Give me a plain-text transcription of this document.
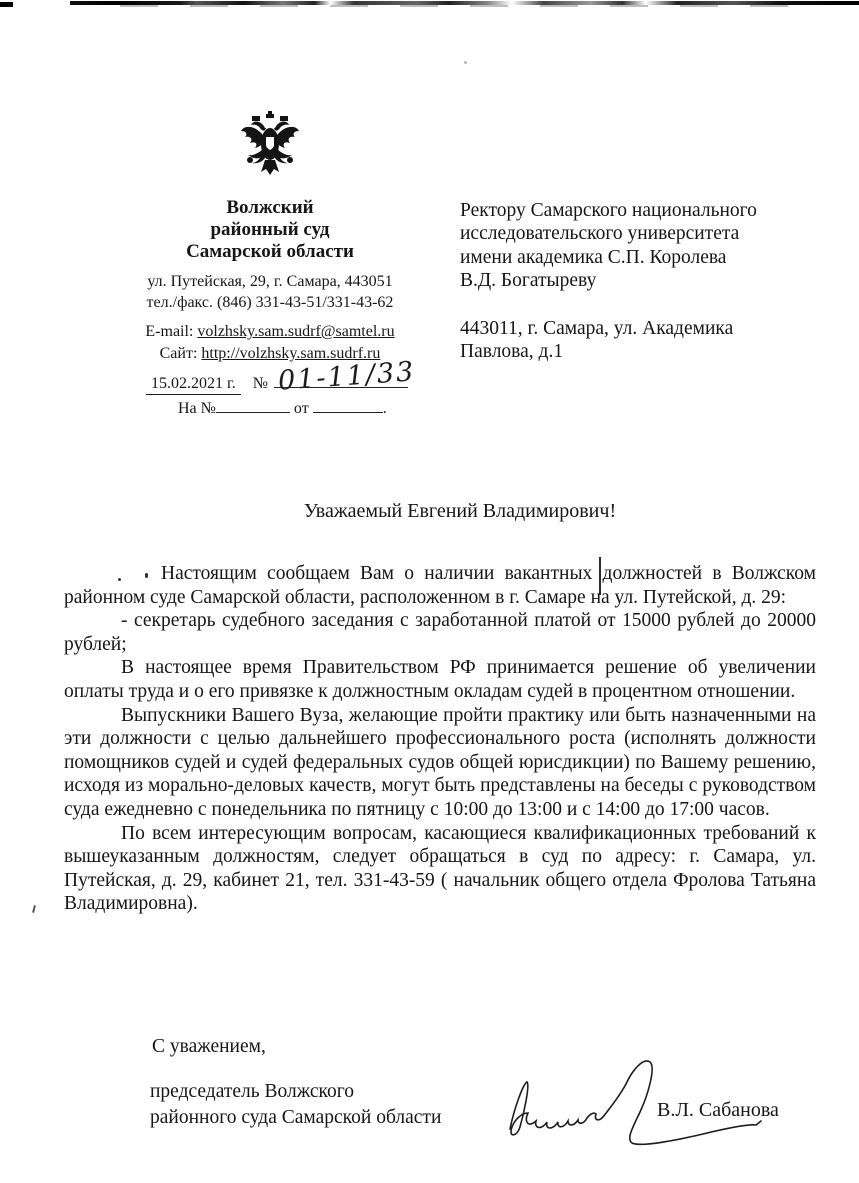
Волжский
районный суд
Самарской области
ул. Путейская, 29, г. Самара, 443051
тел./факс. (846) 331-43-51/331-43-62
E-mail: volzhsky.sam.sudrf@samtel.ru
Сайт: http://volzhsky.sam.sudrf.ru
15.02.2021 г. № 01-11/33
На №	от	.
Ректору Самарского национального
исследовательского университета
имени академика С.П. Королева
В.Д. Богатыреву
443011, г. Самара, ул. Академика
Павлова, д.1
Уважаемый Евгений Владимирович!

Настоящим сообщаем Вам о наличии вакантных должностей в Волжском районном суде Самарской области, расположенном в г. Самаре на ул. Путейской, д. 29:

- секретарь судебного заседания с заработанной платой от 15000 рублей до 20000 рублей;

В настоящее время Правительством РФ принимается решение об увеличении оплаты труда и о его привязке к должностным окладам судей в процентном отношении.

Выпускники Вашего Вуза, желающие пройти практику или быть назначенными на эти должности с целью дальнейшего профессионального роста (исполнять должности помощников судей и судей федеральных судов общей юрисдикции) по Вашему решению, исходя из морально-деловых качеств, могут быть представлены на беседы с руководством суда ежедневно с понедельника по пятницу с 10:00 до 13:00 и с 14:00 до 17:00 часов.

По всем интересующим вопросам, касающиеся квалификационных требований к вышеуказанным должностям, следует обращаться в суд по адресу: г. Самара, ул. Путейская, д. 29, кабинет 21, тел. 331-43-59 ( начальник общего отдела Фролова Татьяна Владимировна).

С уважением,
председатель Волжского
районного суда Самарской области	В.Л. Сабанова
